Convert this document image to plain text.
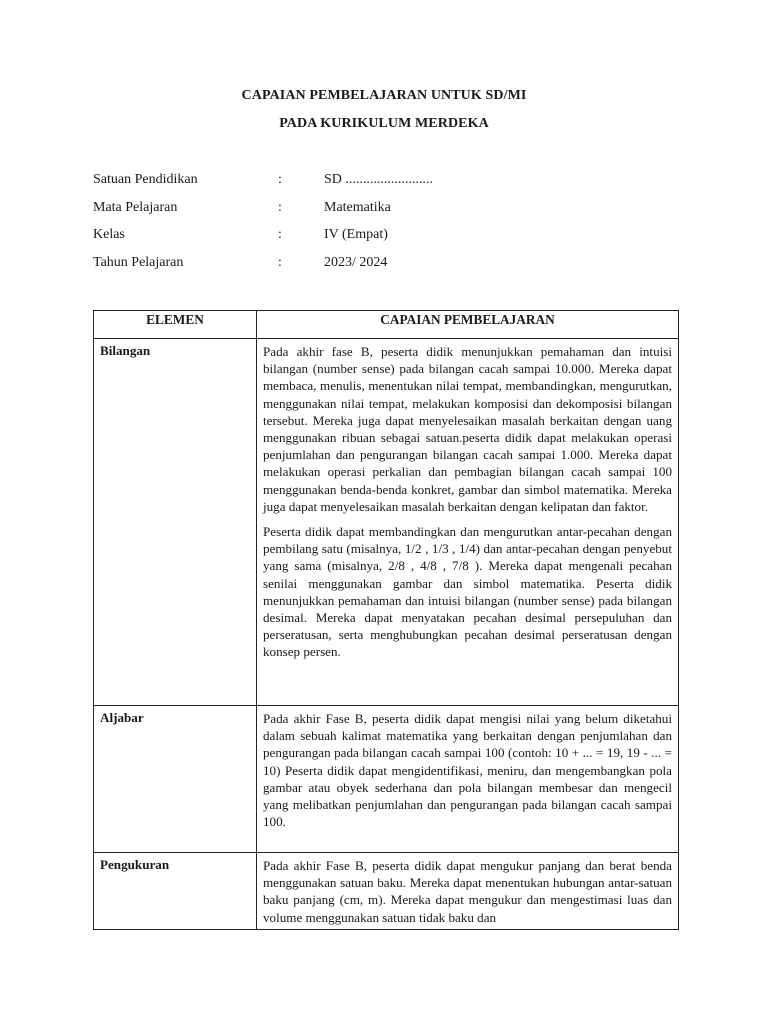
CAPAIAN PEMBELAJARAN UNTUK SD/MI
PADA KURIKULUM MERDEKA
Satuan Pendidikan	:	SD .........................
Mata Pelajaran	:	Matematika
Kelas	:	IV (Empat)
Tahun Pelajaran	:	2023/ 2024
ELEMEN	CAPAIAN PEMBELAJARAN
Bilangan	Pada akhir fase B, peserta didik menunjukkan pemahaman dan intuisi bilangan (number sense) pada bilangan cacah sampai 10.000. Mereka dapat membaca, menulis, menentukan nilai tempat, membandingkan, mengurutkan, menggunakan nilai tempat, melakukan komposisi dan dekomposisi bilangan tersebut. Mereka juga dapat menyelesaikan masalah berkaitan dengan uang menggunakan ribuan sebagai satuan.peserta didik dapat melakukan operasi penjumlahan dan pengurangan bilangan cacah sampai 1.000. Mereka dapat melakukan operasi perkalian dan pembagian bilangan cacah sampai 100 menggunakan benda-benda konkret, gambar dan simbol matematika. Mereka juga dapat menyelesaikan masalah berkaitan dengan kelipatan dan faktor.

Peserta didik dapat membandingkan dan mengurutkan antar-pecahan dengan pembilang satu (misalnya, 1/2 , 1/3 , 1/4) dan antar-pecahan dengan penyebut yang sama (misalnya, 2/8 , 4/8 , 7/8 ). Mereka dapat mengenali pecahan senilai menggunakan gambar dan simbol matematika. Peserta didik menunjukkan pemahaman dan intuisi bilangan (number sense) pada bilangan desimal. Mereka dapat menyatakan pecahan desimal persepuluhan dan perseratusan, serta menghubungkan pecahan desimal perseratusan dengan konsep persen.

Aljabar	Pada akhir Fase B, peserta didik dapat mengisi nilai yang belum diketahui dalam sebuah kalimat matematika yang berkaitan dengan penjumlahan dan pengurangan pada bilangan cacah sampai 100 (contoh: 10 + ... = 19, 19 - ... = 10) Peserta didik dapat mengidentifikasi, meniru, dan mengembangkan pola gambar atau obyek sederhana dan pola bilangan membesar dan mengecil yang melibatkan penjumlahan dan pengurangan pada bilangan cacah sampai 100.

Pengukuran	Pada akhir Fase B, peserta didik dapat mengukur panjang dan berat benda menggunakan satuan baku. Mereka dapat menentukan hubungan antar-satuan baku panjang (cm, m). Mereka dapat mengukur dan mengestimasi luas dan volume menggunakan satuan tidak baku dan
